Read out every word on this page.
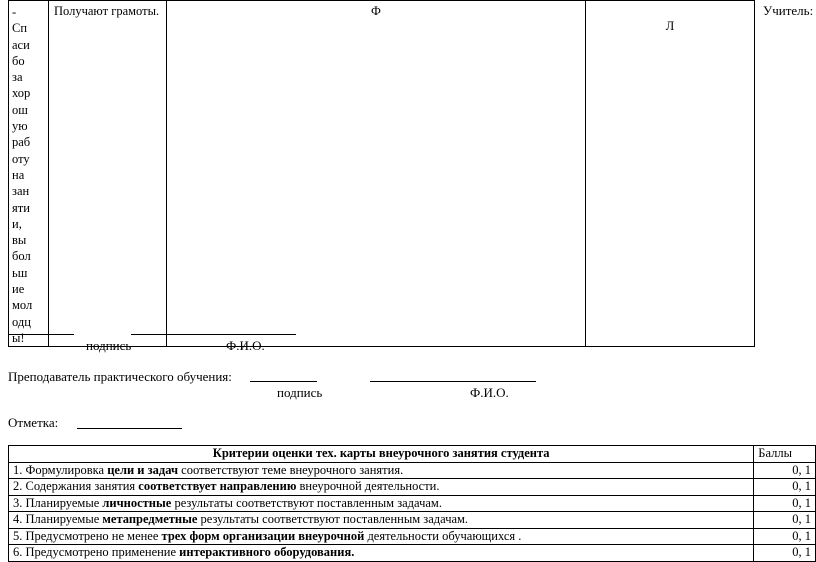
-
Сп
аси
бо
за
хор
ош
ую
раб
оту
на
зан
яти
и,
вы
бол
ьш
ие
мол
одц
ы!
	Получают грамоты.	Ф	Л
Учитель:
подпись	Ф.И.О.
Преподаватель практического обучения:
подпись	Ф.И.О.
Отметка:
Критерии оценки тех. карты внеурочного занятия студента	Баллы
1. Формулировка цели и задач соответствуют теме внеурочного занятия.	0, 1
2. Содержания занятия соответствует направлению внеурочной деятельности.	0, 1
3. Планируемые личностные результаты соответствуют поставленным задачам.	0, 1
4. Планируемые метапредметные результаты соответствуют поставленным задачам.	0, 1
5. Предусмотрено не менее трех форм организации внеурочной деятельности обучающихся .	0, 1
6. Предусмотрено применение интерактивного оборудования.	0, 1
